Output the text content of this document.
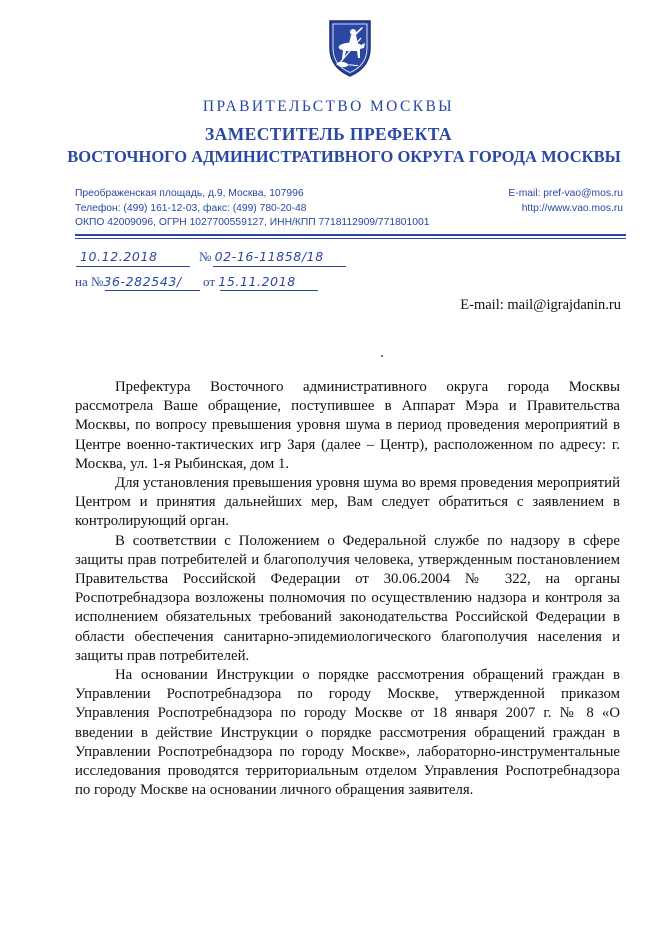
ПРАВИТЕЛЬСТВО МОСКВЫ
ЗАМЕСТИТЕЛЬ ПРЕФЕКТА
ВОСТОЧНОГО АДМИНИСТРАТИВНОГО ОКРУГА ГОРОДА МОСКВЫ
Преображенская площадь, д.9, Москва, 107996
Телефон: (499) 161-12-03, факс: (499) 780-20-48
ОКПО 42009096, ОГРН 1027700559127, ИНН/КПП 7718112909/771801001
E-mail: pref-vao@mos.ru
http://www.vao.mos.ru
10.12.2018	№ 02-16-11858/18
на №36-282543/ от 15.11.2018
E-mail: mail@igrajdanin.ru

Префектура Восточного административного округа города Москвы рассмотрела Ваше обращение, поступившее в Аппарат Мэра и Правительства Москвы, по вопросу превышения уровня шума в период проведения мероприятий в Центре военно-тактических игр Заря (далее – Центр), расположенном по адресу: г. Москва, ул. 1-я Рыбинская, дом 1.

Для установления превышения уровня шума во время проведения мероприятий Центром и принятия дальнейших мер, Вам следует обратиться с заявлением в контролирующий орган.

В соответствии с Положением о Федеральной службе по надзору в сфере защиты прав потребителей и благополучия человека, утвержденным постановлением Правительства Российской Федерации от 30.06.2004 № 322, на органы Роспотребнадзора возложены полномочия по осуществлению надзора и контроля за исполнением обязательных требований законодательства Российской Федерации в области обеспечения санитарно-эпидемиологического благополучия населения и защиты прав потребителей.

На основании Инструкции о порядке рассмотрения обращений граждан в Управлении Роспотребнадзора по городу Москве, утвержденной приказом Управления Роспотребнадзора по городу Москве от 18 января 2007 г. № 8 «О введении в действие Инструкции о порядке рассмотрения обращений граждан в Управлении Роспотребнадзора по городу Москве», лабораторно-инструментальные исследования проводятся территориальным отделом Управления Роспотребнадзора по городу Москве на основании личного обращения заявителя.
